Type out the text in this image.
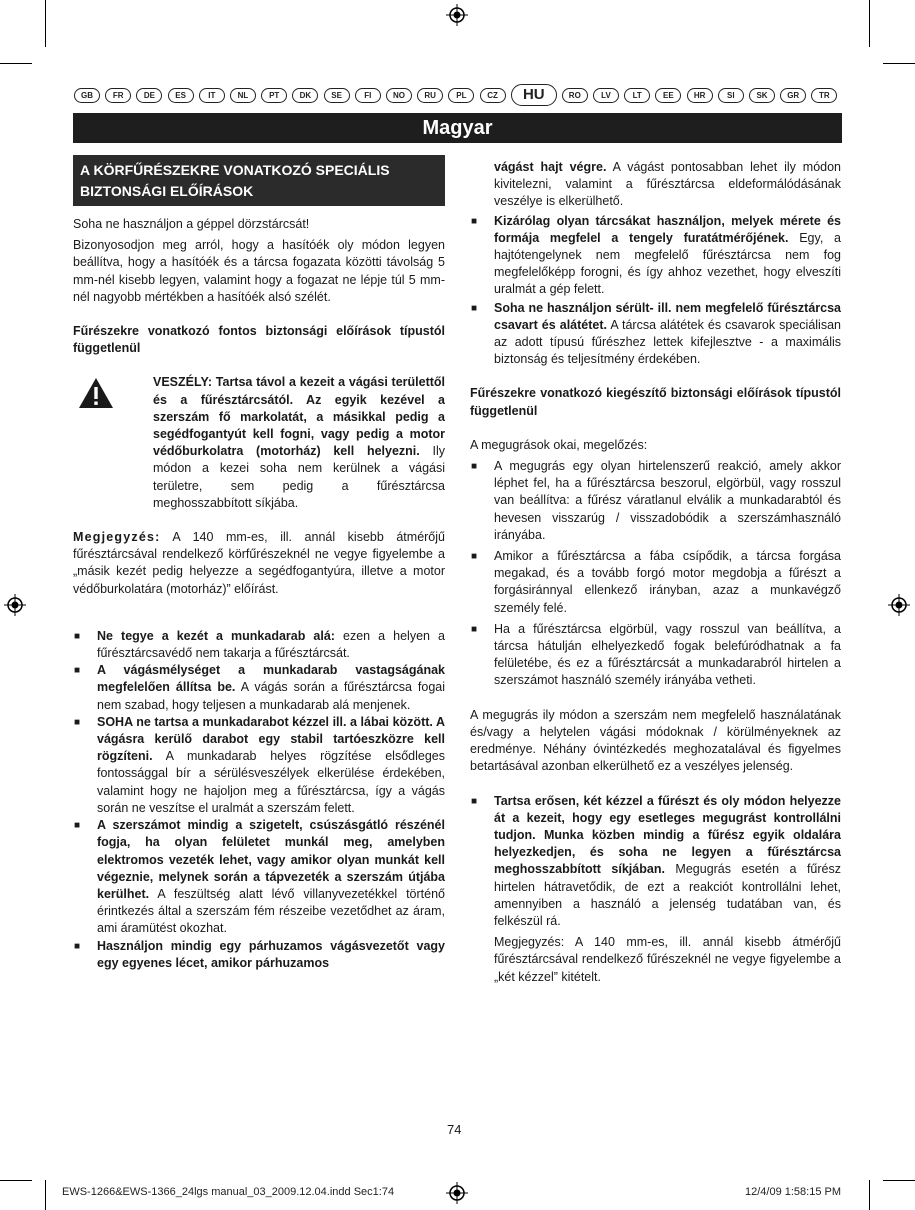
GB	FR	DE	ES	IT	NL	PT	DK	SE	FI	NO	RU	PL	CZ	HU	RO	LV	LT	EE	HR	SI	SK	GR	TR
Magyar
A KÖRFŰRÉSZEKRE VONATKOZÓ SPECIÁLIS BIZTONSÁGI ELŐÍRÁSOK

Soha ne használjon a géppel dörzstárcsát!

Bizonyosodjon meg arról, hogy a hasítóék oly módon legyen beállítva, hogy a hasítóék és a tárcsa fogazata közötti távolság 5 mm-nél kisebb legyen, valamint hogy a fogazat ne lépje túl 5 mm-nél nagyobb mértékben a hasítóék alsó szélét.

Fűrészekre vonatkozó fontos biztonsági előírások típustól függetlenül

VESZÉLY: Tartsa távol a kezeit a vágási területtől és a fűrésztárcsától. Az egyik kezével a szerszám fő markolatát, a másikkal pedig a segédfogantyút kell fogni, vagy pedig a motor védőburkolatra (motorház) kell helyezni. Ily módon a kezei soha nem kerülnek a vágási területre, sem pedig a fűrésztárcsa meghosszabbított síkjába.

Megjegyzés: A 140 mm-es, ill. annál kisebb átmérőjű fűrésztárcsával rendelkező körfűrészeknél ne vegye figyelembe a „másik kezét pedig helyezze a segédfogantyúra, illetve a motor védőburkolatára (motorház)” előírást.

■ Ne tegye a kezét a munkadarab alá: ezen a helyen a fűrésztárcsavédő nem takarja a fűrésztárcsát.
■ A vágásmélységet a munkadarab vastagságának megfelelően állítsa be. A vágás során a fűrésztárcsa fogai nem szabad, hogy teljesen a munkadarab alá menjenek.
■ SOHA ne tartsa a munkadarabot kézzel ill. a lábai között. A vágásra kerülő darabot egy stabil tartóeszközre kell rögzíteni. A munkadarab helyes rögzítése elsődleges fontossággal bír a sérülésveszélyek elkerülése érdekében, valamint hogy ne hajoljon meg a fűrésztárcsa, így a vágás során ne veszítse el uralmát a szerszám felett.
■ A szerszámot mindig a szigetelt, csúszásgátló részénél fogja, ha olyan felületet munkál meg, amelyben elektromos vezeték lehet, vagy amikor olyan munkát kell végeznie, melynek során a tápvezeték a szerszám útjába kerülhet. A feszültség alatt lévő villanyvezetékkel történő érintkezés által a szerszám fém részeibe vezetődhet az áram, ami áramütést okozhat.
■ Használjon mindig egy párhuzamos vágásvezetőt vagy egy egyenes lécet, amikor párhuzamos

vágást hajt végre. A vágást pontosabban lehet ily módon kivitelezni, valamint a fűrésztárcsa eldeformálódásának veszélye is elkerülhető.

■ Kizárólag olyan tárcsákat használjon, melyek mérete és formája megfelel a tengely furatátmérőjének. Egy, a hajtótengelynek nem megfelelő fűrésztárcsa nem fog megfelelőképp forogni, és így ahhoz vezethet, hogy elveszíti uralmát a gép felett.
■ Soha ne használjon sérült- ill. nem megfelelő fűrésztárcsa csavart és alátétet. A tárcsa alátétek és csavarok speciálisan az adott típusú fűrészhez lettek kifejlesztve - a maximális biztonság és teljesítmény érdekében.

Fűrészekre vonatkozó kiegészítő biztonsági előírások típustól függetlenül

A megugrások okai, megelőzés:

■ A megugrás egy olyan hirtelenszerű reakció, amely akkor léphet fel, ha a fűrésztárcsa beszorul, elgörbül, vagy rosszul van beállítva: a fűrész váratlanul elválik a munkadarabtól és hevesen visszarúg / visszadobódik a szerszámhasználó irányába.
■ Amikor a fűrésztárcsa a fába csípődik, a tárcsa forgása megakad, és a tovább forgó motor megdobja a fűrészt a forgásiránnyal ellenkező irányban, azaz a munkavégző személy felé.
■ Ha a fűrésztárcsa elgörbül, vagy rosszul van beállítva, a tárcsa hátulján elhelyezkedő fogak belefúródhatnak a fa felületébe, és ez a fűrésztárcsát a munkadarabról hirtelen a szerszámot használó személy irányába vetheti.

A megugrás ily módon a szerszám nem megfelelő használatának és/vagy a helytelen vágási módoknak / körülményeknek az eredménye. Néhány óvintézkedés meghozatalával és figyelmes betartásával azonban elkerülhető ez a veszélyes jelenség.

■ Tartsa erősen, két kézzel a fűrészt és oly módon helyezze át a kezeit, hogy egy esetleges megugrást kontrollálni tudjon. Munka közben mindig a fűrész egyik oldalára helyezkedjen, és soha ne legyen a fűrésztárcsa meghosszabbított síkjában. Megugrás esetén a fűrész hirtelen hátravetődik, de ezt a reakciót kontrollálni lehet, amennyiben a használó a jelenség tudatában van, és felkészül rá.

Megjegyzés: A 140 mm-es, ill. annál kisebb átmérőjű fűrésztárcsával rendelkező fűrészeknél ne vegye figyelembe a „két kézzel” kitételt.

74
EWS-1266&EWS-1366_24lgs manual_03_2009.12.04.indd Sec1:74	12/4/09 1:58:15 PM
